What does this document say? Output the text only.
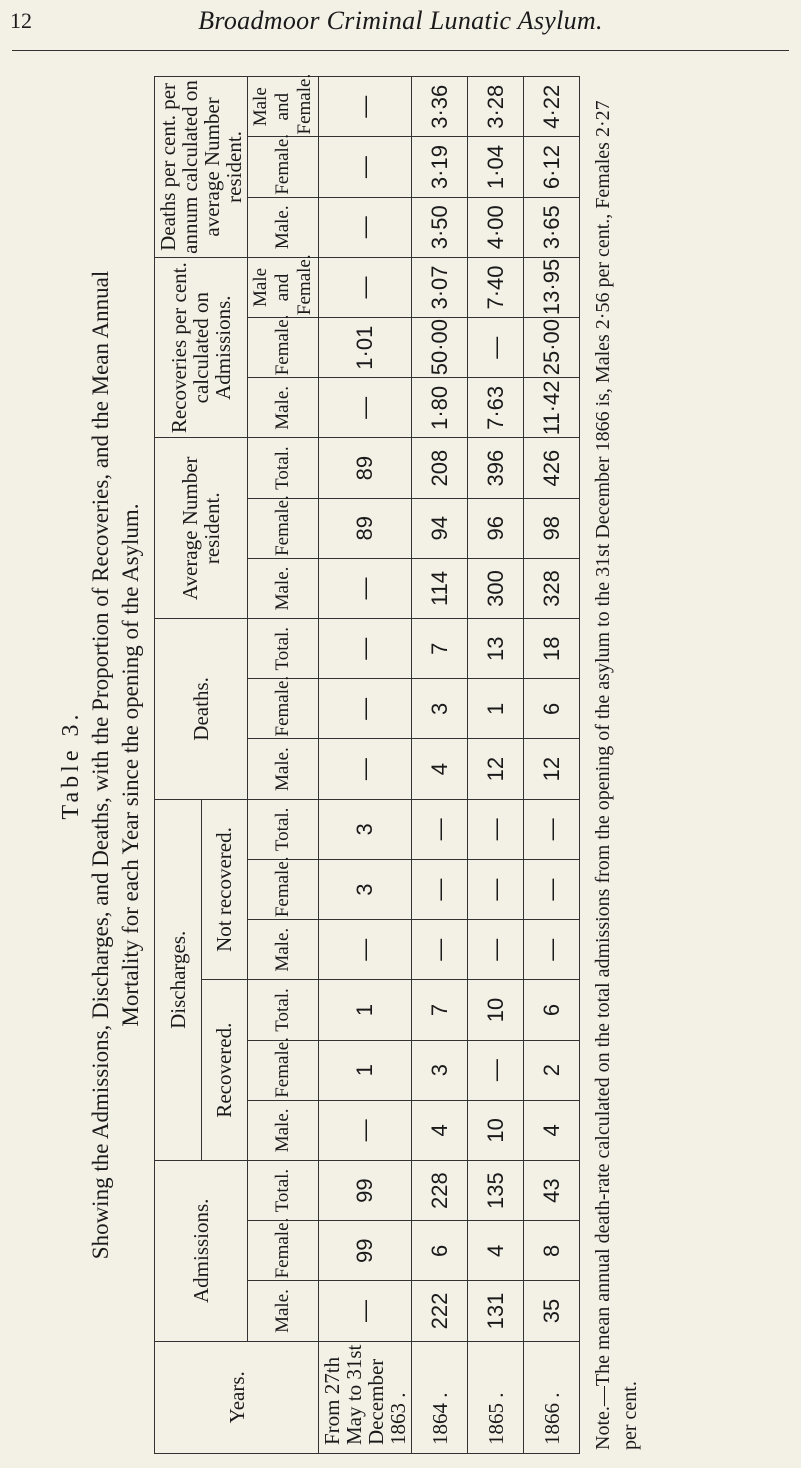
12	Broadmoor Criminal Lunatic Asylum.
Table 3. Showing the Admissions, Discharges, and Deaths, with the Proportion of Recoveries, and the Mean Annual Mortality for each Year since the opening of the Asylum.
Years.	Admissions.			Discharges.						Deaths.			Average Number resident.			Recoveries per cent. calculated on Admissions.			Deaths per cent. per annum calculated on average Number resident.		
				Recovered.			Not recovered.														
	Male.	Female.	Total.	Male.	Female.	Total.	Male.	Female.	Total.	Male.	Female.	Total.	Male.	Female.	Total.	Male.	Female.	Male and Female.	Male.	Female.	Male and Female.
From 27th May to 31st December 1863 .	—	99	99	—	1	1	—	3	3	—	—	—	—	89	89	—	1·01	—	—	—	—
1864 .	222	6	228	4	3	7	—	—	—	4	3	7	114	94	208	1·80	50·00	3·07	3·50	3·19	3·36
1865 .	131	4	135	10	—	10	—	—	—	12	1	13	300	96	396	7·63	—	7·40	4·00	1·04	3·28
1866 .	35	8	43	4	2	6	—	—	—	12	6	18	328	98	426	11·42	25·00	13·95	3·65	6·12	4·22 Note.—The mean annual death-rate calculated on the total admissions from the opening of the asylum to the 31st December 1866 is, Males 2·56 per cent., Females 2·27 per cent.
